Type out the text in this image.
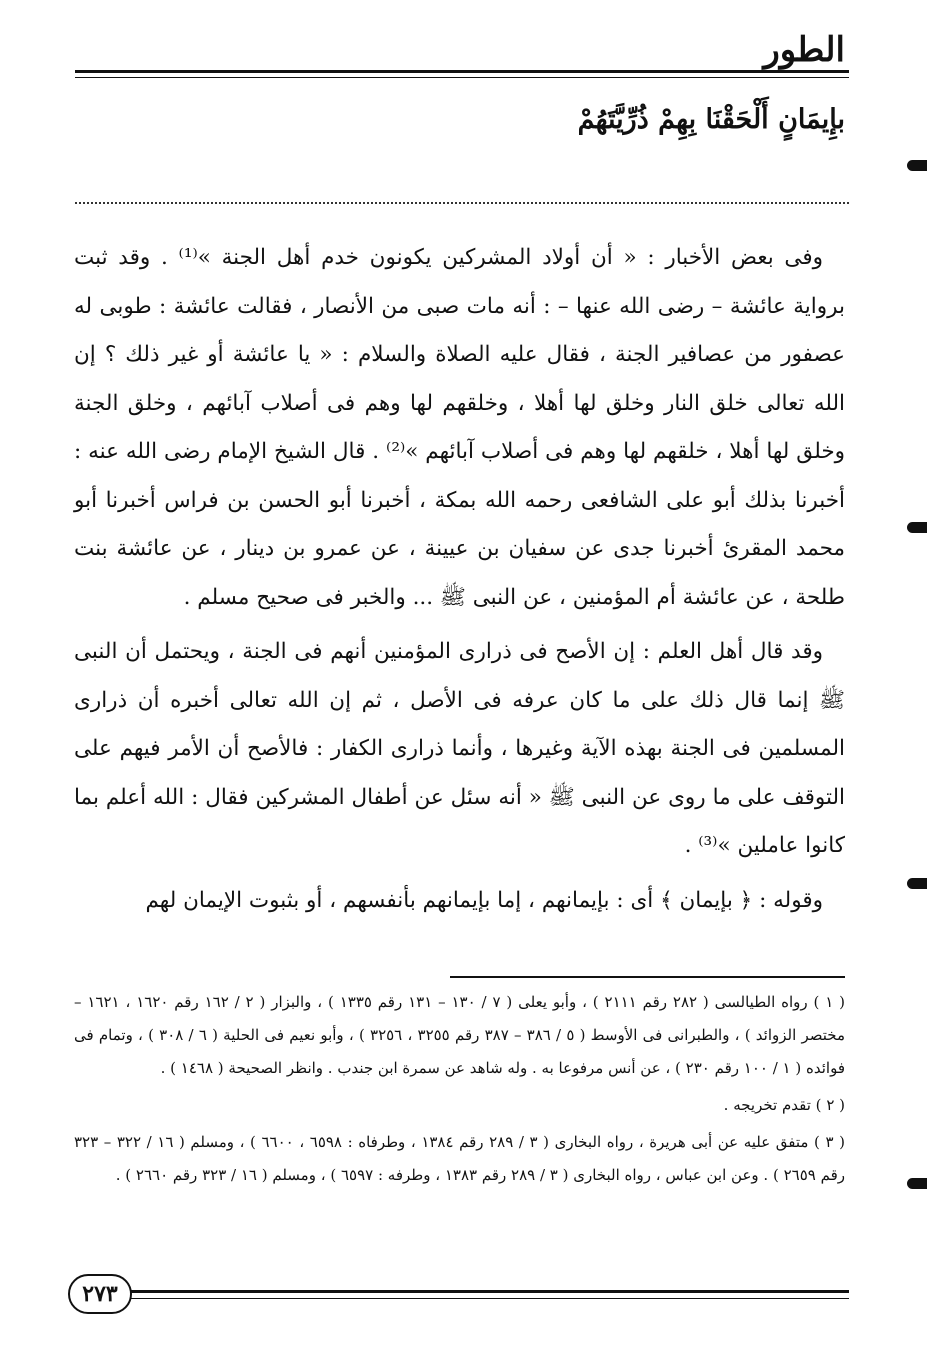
الطور
بإِيمَانٍ أَلْحَقْنَا بِهِمْ ذُرِّيَّتَهُمْ

وفى بعض الأخبار : « أن أولاد المشركين يكونون خدم أهل الجنة »⁽¹⁾ . وقد ثبت برواية عائشة – رضى الله عنها – : أنه مات صبى من الأنصار ، فقالت عائشة : طوبى له عصفور من عصافير الجنة ، فقال عليه الصلاة والسلام : « يا عائشة أو غير ذلك ؟ إن الله تعالى خلق النار وخلق لها أهلا ، وخلقهم لها وهم فى أصلاب آبائهم ، وخلق الجنة وخلق لها أهلا ، خلقهم لها وهم فى أصلاب آبائهم »⁽²⁾ . قال الشيخ الإمام رضى الله عنه : أخبرنا بذلك أبو على الشافعى رحمه الله بمكة ، أخبرنا أبو الحسن بن فراس أخبرنا أبو محمد المقرئ أخبرنا جدى عن سفيان بن عيينة ، عن عمرو بن دينار ، عن عائشة بنت طلحة ، عن عائشة أم المؤمنين ، عن النبى ﷺ ... والخبر فى صحيح مسلم .

وقد قال أهل العلم : إن الأصح فى ذرارى المؤمنين أنهم فى الجنة ، ويحتمل أن النبى ﷺ إنما قال ذلك على ما كان عرفه فى الأصل ، ثم إن الله تعالى أخبره أن ذرارى المسلمين فى الجنة بهذه الآية وغيرها ، وأنما ذرارى الكفار : فالأصح أن الأمر فيهم على التوقف على ما روى عن النبى ﷺ « أنه سئل عن أطفال المشركين فقال : الله أعلم بما كانوا عاملين »⁽³⁾ .

وقوله : ﴿ بإيمان ﴾ أى : بإيمانهم ، إما بإيمانهم بأنفسهم ، أو بثبوت الإيمان لهم

( ١ ) رواه الطيالسى ( ٢٨٢ رقم ٢١١١ ) ، وأبو يعلى ( ٧ / ١٣٠ – ١٣١ رقم ١٣٣٥ ) ، والبزار ( ٢ / ١٦٢ رقم ١٦٢٠ ، ١٦٢١ – مختصر الزوائد ) ، والطبرانى فى الأوسط ( ٥ / ٣٨٦ – ٣٨٧ رقم ٣٢٥٥ ، ٣٢٥٦ ) ، وأبو نعيم فى الحلية ( ٦ / ٣٠٨ ) ، وتمام فى فوائده ( ١ / ١٠٠ رقم ٢٣٠ ) ، عن أنس مرفوعا به . وله شاهد عن سمرة ابن جندب . وانظر الصحيحة ( ١٤٦٨ ) .

( ٢ ) تقدم تخريجه .

( ٣ ) متفق عليه عن أبى هريرة ، رواه البخارى ( ٣ / ٢٨٩ رقم ١٣٨٤ ، وطرفاه : ٦٥٩٨ ، ٦٦٠٠ ) ، ومسلم ( ١٦ / ٣٢٢ – ٣٢٣ رقم ٢٦٥٩ ) . وعن ابن عباس ، رواه البخارى ( ٣ / ٢٨٩ رقم ١٣٨٣ ، وطرفه : ٦٥٩٧ ) ، ومسلم ( ١٦ / ٣٢٣ رقم ٢٦٦٠ ) .

٢٧٣
